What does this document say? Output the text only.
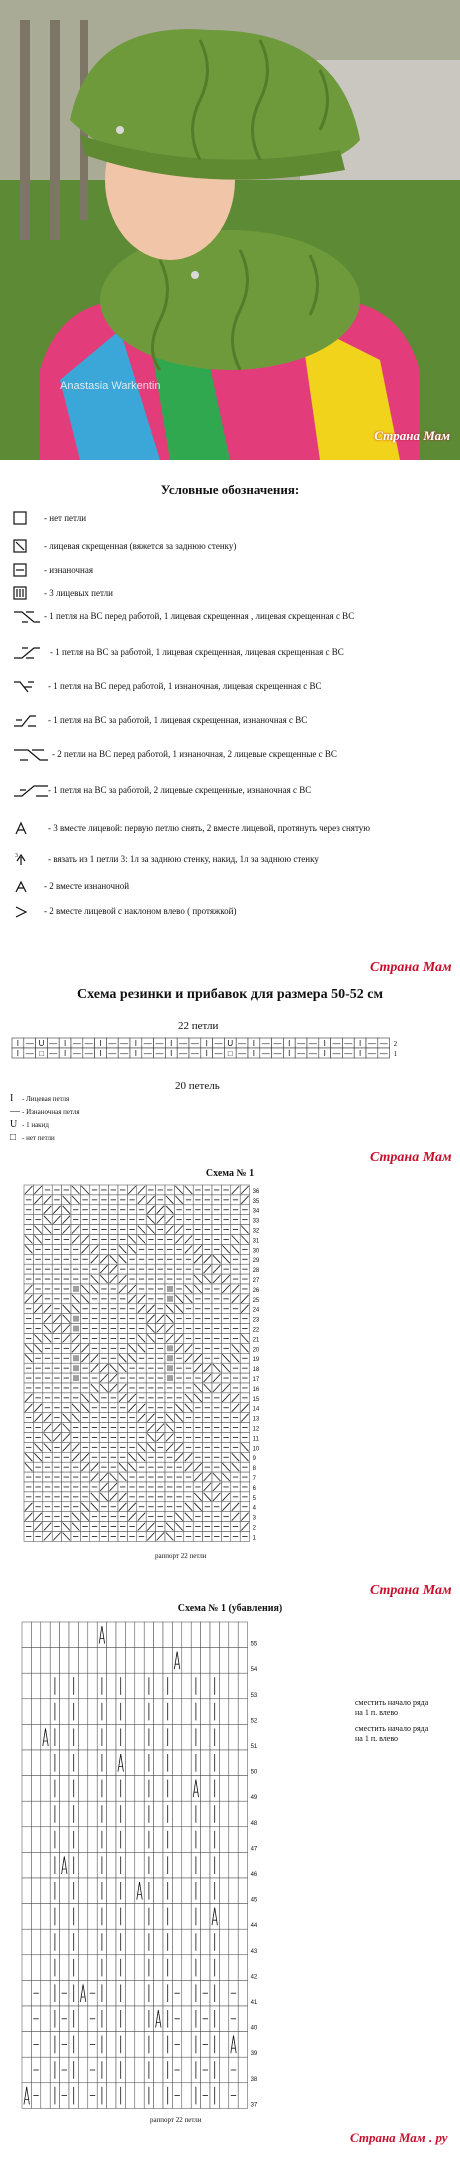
Anastasia Warkentin
Страна Мам
Условные обозначения:
- нет петли
- лицевая скрещенная (вяжется за заднюю стенку)
- изнаночная
- 3 лицевых петли
- 1 петля на ВС перед работой, 1 лицевая скрещенная , лицевая скрещенная с ВС
- 1 петля на ВС за работой, 1 лицевая скрещенная, лицевая скрещенная с ВС
- 1 петля на ВС перед работой, 1 изнаночная, лицевая скрещенная с ВС
- 1 петля на ВС за работой, 1 лицевая скрещенная, изнаночная с ВС
- 2 петли на ВС перед работой, 1 изнаночная, 2 лицевые скрещенные с ВС
- 1 петля на ВС за работой, 2 лицевые скрещенные, изнаночная с ВС
- 3 вместе лицевой: первую петлю снять, 2 вместе лицевой, протянуть через снятую
3	- вязать из 1 петли 3: 1л за заднюю стенку, накид, 1л за заднюю стенку
- 2 вместе изнаночной
- 2 вместе лицевой с наклоном влево ( протяжкой)
Страна Мам
Схема резинки и прибавок для размера 50-52 см
22 петли
I — U — I — — I — — I — — I — — I — U — I — — I — — I — — I — — 2
I — □ — I — — I — — I — — I — — I — □ — I — — I — — I — — I — — 1
20 петель
I - Лицевая петля
— - Изнаночная петля
U - 1 накид
□ - нет петли
Страна Мам
Схема № 1
36
35
34
33
32
31
30
29
28
27
26
25
24
23
22
21
20
19
18
17
16
15
14
13
12
11
10
9
8
7
6
5
4
3
2
1
раппорт 22 петли
Страна Мам
Схема № 1 (убавления)
55
54
53
52
51
50
49
48
47
46
45
44
43
42
41
40
39
38
37
сместить начало ряда
на 1 п. влево
сместить начало ряда
на 1 п. влево
раппорт 22 петли
Страна Мам . ру
